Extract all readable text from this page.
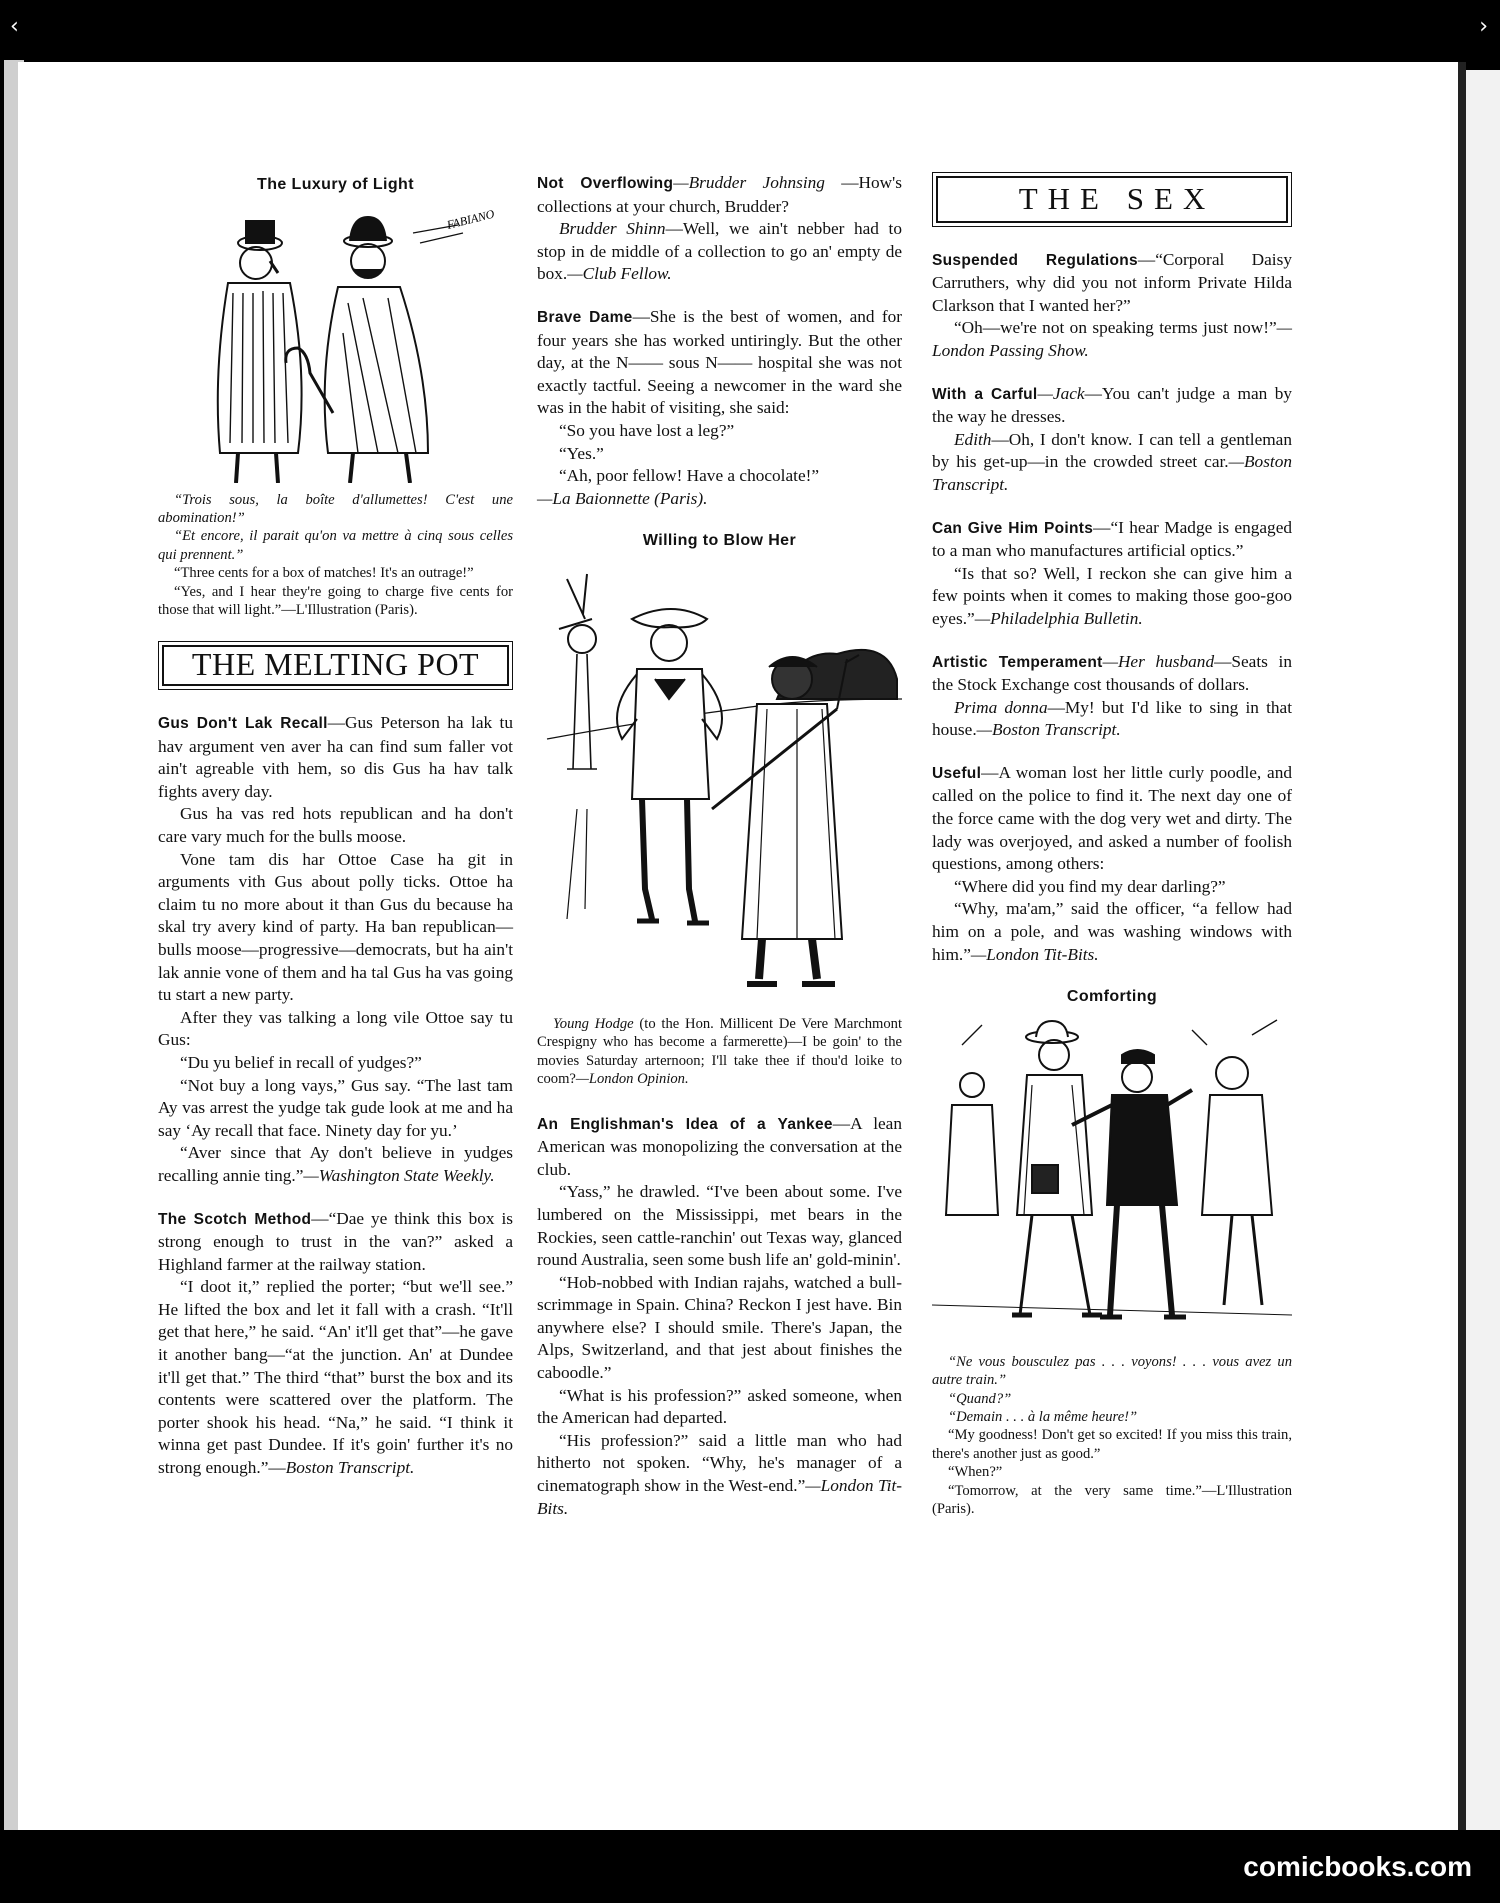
‹	›
The Luxury of Light
FABIANO

“Trois sous, la boîte d'allumettes! C'est une abomination!”

“Et encore, il parait qu'on va mettre à cinq sous celles qui prennent.”

“Three cents for a box of matches! It's an outrage!”

“Yes, and I hear they're going to charge five cents for those that will light.”—L'Illustration (Paris).

THE MELTING POT

Gus Don't Lak Recall—Gus Peterson ha lak tu hav argument ven aver ha can find sum faller vot ain't agreable vith hem, so dis Gus ha hav talk fights avery day.

Gus ha vas red hots republican and ha don't care vary much for the bulls moose.

Vone tam dis har Ottoe Case ha git in arguments vith Gus about polly ticks. Ottoe ha claim tu no more about it than Gus du because ha skal try avery kind of party. Ha ban republican—bulls moose—progressive—democrats, but ha ain't lak annie vone of them and ha tal Gus ha vas going tu start a new party.

After they vas talking a long vile Ottoe say tu Gus:

“Du yu belief in recall of yudges?”

“Not buy a long vays,” Gus say. “The last tam Ay vas arrest the yudge tak gude look at me and ha say ‘Ay recall that face. Ninety day for yu.’

“Aver since that Ay don't believe in yudges recalling annie ting.”—Washington State Weekly.

The Scotch Method—“Dae ye think this box is strong enough to trust in the van?” asked a Highland farmer at the railway station.

“I doot it,” replied the porter; “but we'll see.” He lifted the box and let it fall with a crash. “It'll get that here,” he said. “An' it'll get that”—he gave it another bang—“at the junction. An' at Dundee it'll get that.” The third “that” burst the box and its contents were scattered over the platform. The porter shook his head. “Na,” he said. “I think it winna get past Dundee. If it's goin' further it's no strong enough.”—Boston Transcript.

Not Overflowing—Brudder Johnsing —How's collections at your church, Brudder?

Brudder Shinn—Well, we ain't nebber had to stop in de middle of a collection to go an' empty de box.—Club Fellow.

Brave Dame—She is the best of women, and for four years she has worked untiringly. But the other day, at the N—— sous N—— hospital she was not exactly tactful. Seeing a newcomer in the ward she was in the habit of visiting, she said:

“So you have lost a leg?”

“Yes.”

“Ah, poor fellow! Have a chocolate!”

—La Baionnette (Paris).

Willing to Blow Her

Young Hodge (to the Hon. Millicent De Vere Marchmont Crespigny who has become a farmerette)—I be goin' to the movies Saturday arternoon; I'll take thee if thou'd loike to coom?—London Opinion.

An Englishman's Idea of a Yankee—A lean American was monopolizing the conversation at the club.

“Yass,” he drawled. “I've been about some. I've lumbered on the Mississippi, met bears in the Rockies, seen cattle-ranchin' out Texas way, glanced round Australia, seen some bush life an' gold-minin'.

“Hob-nobbed with Indian rajahs, watched a bull-scrimmage in Spain. China? Reckon I jest have. Bin anywhere else? I should smile. There's Japan, the Alps, Switzerland, and that jest about finishes the caboodle.”

“What is his profession?” asked someone, when the American had departed.

“His profession?” said a little man who had hitherto not spoken. “Why, he's manager of a cinematograph show in the West-end.”—London Tit-Bits.

THE SEX

Suspended Regulations—“Corporal Daisy Carruthers, why did you not inform Private Hilda Clarkson that I wanted her?”

“Oh—we're not on speaking terms just now!”—London Passing Show.

With a Carful—Jack—You can't judge a man by the way he dresses.

Edith—Oh, I don't know. I can tell a gentleman by his get-up—in the crowded street car.—Boston Transcript.

Can Give Him Points—“I hear Madge is engaged to a man who manufactures artificial optics.”

“Is that so? Well, I reckon she can give him a few points when it comes to making those goo-goo eyes.”—Philadelphia Bulletin.

Artistic Temperament—Her husband—Seats in the Stock Exchange cost thousands of dollars.

Prima donna—My! but I'd like to sing in that house.—Boston Transcript.

Useful—A woman lost her little curly poodle, and called on the police to find it. The next day one of the force came with the dog very wet and dirty. The lady was overjoyed, and asked a number of foolish questions, among others:

“Where did you find my dear darling?”

“Why, ma'am,” said the officer, “a fellow had him on a pole, and was washing windows with him.”—London Tit-Bits.

Comforting

“Ne vous bousculez pas . . . voyons! . . . vous avez un autre train.”

“Quand?”

“Demain . . . à la même heure!”

“My goodness! Don't get so excited! If you miss this train, there's another just as good.”

“When?”

“Tomorrow, at the very same time.”—L'Illustration (Paris).

comicbooks.com
